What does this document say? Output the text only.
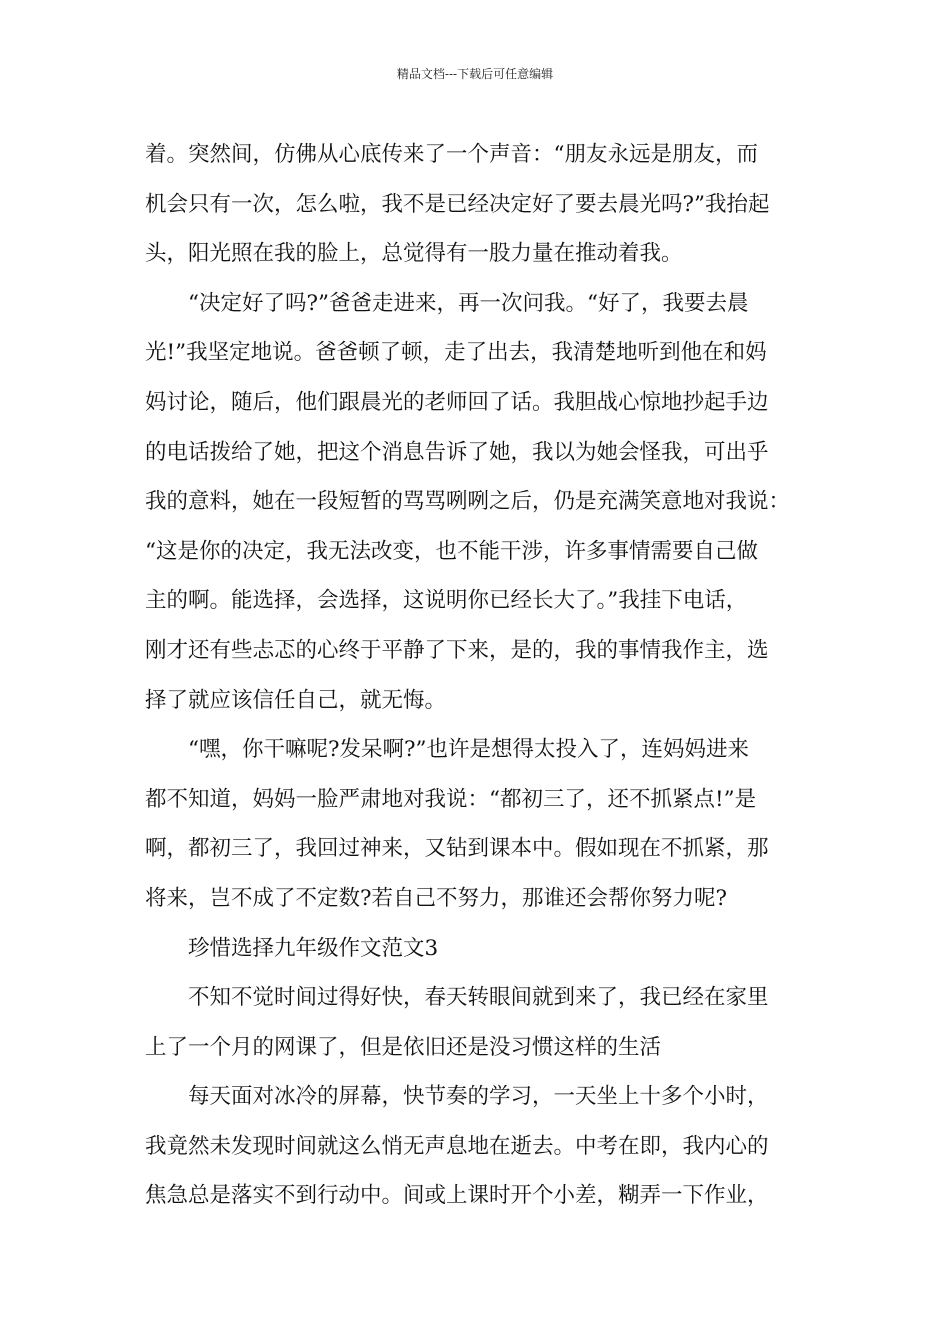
精品文档---下载后可任意编辑
着。突然间，仿佛从心底传来了一个声音：“朋友永远是朋友，而
机会只有一次，怎么啦，我不是已经决定好了要去晨光吗?”我抬起
头，阳光照在我的脸上，总觉得有一股力量在推动着我。
“决定好了吗?”爸爸走进来，再一次问我。“好了，我要去晨
光!”我坚定地说。爸爸顿了顿，走了出去，我清楚地听到他在和妈
妈讨论，随后，他们跟晨光的老师回了话。我胆战心惊地抄起手边
的电话拨给了她，把这个消息告诉了她，我以为她会怪我，可出乎
我的意料，她在一段短暂的骂骂咧咧之后，仍是充满笑意地对我说：
“这是你的决定，我无法改变，也不能干涉，许多事情需要自己做
主的啊。能选择，会选择，这说明你已经长大了。”我挂下电话，
刚才还有些忐忑的心终于平静了下来，是的，我的事情我作主，选
择了就应该信任自己，就无悔。
“嘿，你干嘛呢?发呆啊?”也许是想得太投入了，连妈妈进来
都不知道，妈妈一脸严肃地对我说：“都初三了，还不抓紧点!”是
啊，都初三了，我回过神来，又钻到课本中。假如现在不抓紧，那
将来，岂不成了不定数?若自己不努力，那谁还会帮你努力呢?
珍惜选择九年级作文范文3
不知不觉时间过得好快，春天转眼间就到来了，我已经在家里
上了一个月的网课了，但是依旧还是没习惯这样的生活
每天面对冰冷的屏幕，快节奏的学习，一天坐上十多个小时，
我竟然未发现时间就这么悄无声息地在逝去。中考在即，我内心的
焦急总是落实不到行动中。间或上课时开个小差，糊弄一下作业，
